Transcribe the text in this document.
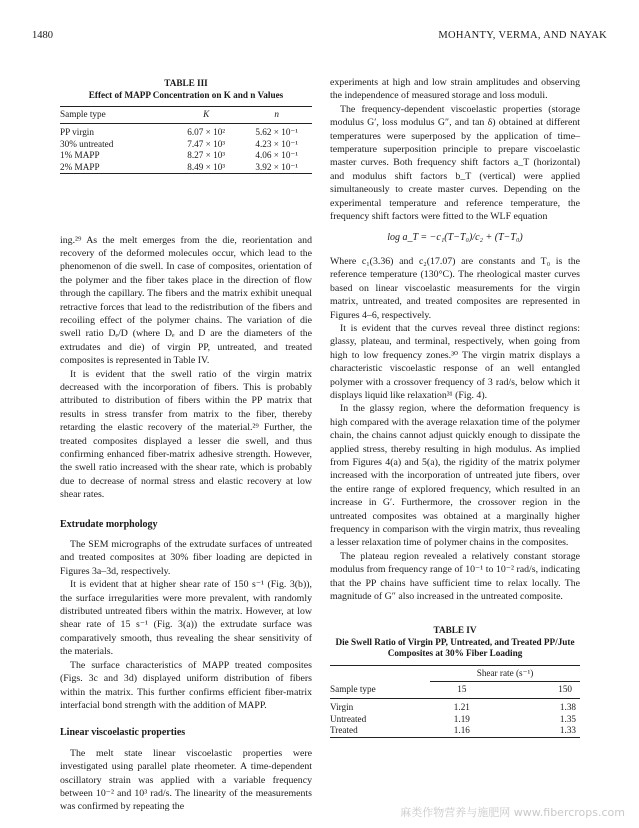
1480	MOHANTY, VERMA, AND NAYAK
TABLE III
Effect of MAPP Concentration on K and n Values
Sample type	K	n

PP virgin	6.07 × 10²	5.62 × 10⁻¹
30% untreated	7.47 × 10³	4.23 × 10⁻¹
1% MAPP	8.27 × 10³	4.06 × 10⁻¹
2% MAPP	8.49 × 10³	3.92 × 10⁻¹

ing.²⁹ As the melt emerges from the die, reorientation and recovery of the deformed molecules occur, which lead to the phenomenon of die swell. In case of composites, orientation of the polymer and the fiber takes place in the direction of flow through the capillary. The fibers and the matrix exhibit unequal retractive forces that lead to the redistribution of the fibers and recoiling effect of the polymer chains. The variation of die swell ratio Dₑ/D (where Dₑ and D are the diameters of the extrudates and die) of virgin PP, untreated, and treated composites is represented in Table IV.

It is evident that the swell ratio of the virgin matrix decreased with the incorporation of fibers. This is probably attributed to distribution of fibers within the PP matrix that results in stress transfer from matrix to the fiber, thereby retarding the elastic recovery of the material.²⁹ Further, the treated composites displayed a lesser die swell, and thus confirming enhanced fiber-matrix adhesive strength. However, the swell ratio increased with the shear rate, which is probably due to decrease of normal stress and elastic recovery at low shear rates.

Extrudate morphology

The SEM micrographs of the extrudate surfaces of untreated and treated composites at 30% fiber loading are depicted in Figures 3a–3d, respectively.

It is evident that at higher shear rate of 150 s⁻¹ (Fig. 3(b)), the surface irregularities were more prevalent, with randomly distributed untreated fibers within the matrix. However, at low shear rate of 15 s⁻¹ (Fig. 3(a)) the extrudate surface was comparatively smooth, thus revealing the shear sensitivity of the materials.

The surface characteristics of MAPP treated composites (Figs. 3c and 3d) displayed uniform distribution of fibers within the matrix. This further confirms efficient fiber-matrix interfacial bond strength with the addition of MAPP.

Linear viscoelastic properties

The melt state linear viscoelastic properties were investigated using parallel plate rheometer. A time-dependent oscillatory strain was applied with a variable frequency between 10⁻² and 10³ rad/s. The linearity of the measurements was confirmed by repeating the

experiments at high and low strain amplitudes and observing the independence of measured storage and loss moduli.

The frequency-dependent viscoelastic properties (storage modulus G′, loss modulus G″, and tan δ) obtained at different temperatures were superposed by the application of time–temperature superposition principle to prepare viscoelastic master curves. Both frequency shift factors a_T (horizontal) and modulus shift factors b_T (vertical) were applied simultaneously to create master curves. Depending on the experimental temperature and reference temperature, the frequency shift factors were fitted to the WLF equation

log a_T = −c₁(T−T₀)/c₂ + (T−T₀)

Where c₁(3.36) and c₂(17.07) are constants and T₀ is the reference temperature (130°C). The rheological master curves based on linear viscoelastic measurements for the virgin matrix, untreated, and treated composites are represented in Figures 4–6, respectively.

It is evident that the curves reveal three distinct regions: glassy, plateau, and terminal, respectively, when going from high to low frequency zones.³⁰ The virgin matrix displays a characteristic viscoelastic response of an well entangled polymer with a crossover frequency of 3 rad/s, below which it displays liquid like relaxation³¹ (Fig. 4).

In the glassy region, where the deformation frequency is high compared with the average relaxation time of the polymer chain, the chains cannot adjust quickly enough to dissipate the applied stress, thereby resulting in high modulus. As implied from Figures 4(a) and 5(a), the rigidity of the matrix polymer increased with the incorporation of untreated jute fibers, over the entire range of explored frequency, which resulted in an increase in G′. Furthermore, the crossover region in the untreated composites was obtained at a marginally higher frequency in comparison with the virgin matrix, thus revealing a lesser relaxation time of polymer chains in the composites.

The plateau region revealed a relatively constant storage modulus from frequency range of 10⁻¹ to 10⁻² rad/s, indicating that the PP chains have sufficient time to relax locally. The magnitude of G″ also increased in the untreated composite.

TABLE IV
Die Swell Ratio of Virgin PP, Untreated, and Treated PP/Jute Composites at 30% Fiber Loading
	Shear rate (s⁻¹)	
Sample type	15	150

Virgin	1.21	1.38
Untreated	1.19	1.35
Treated	1.16	1.33

麻类作物营养与施肥网 www.fibercrops.com
